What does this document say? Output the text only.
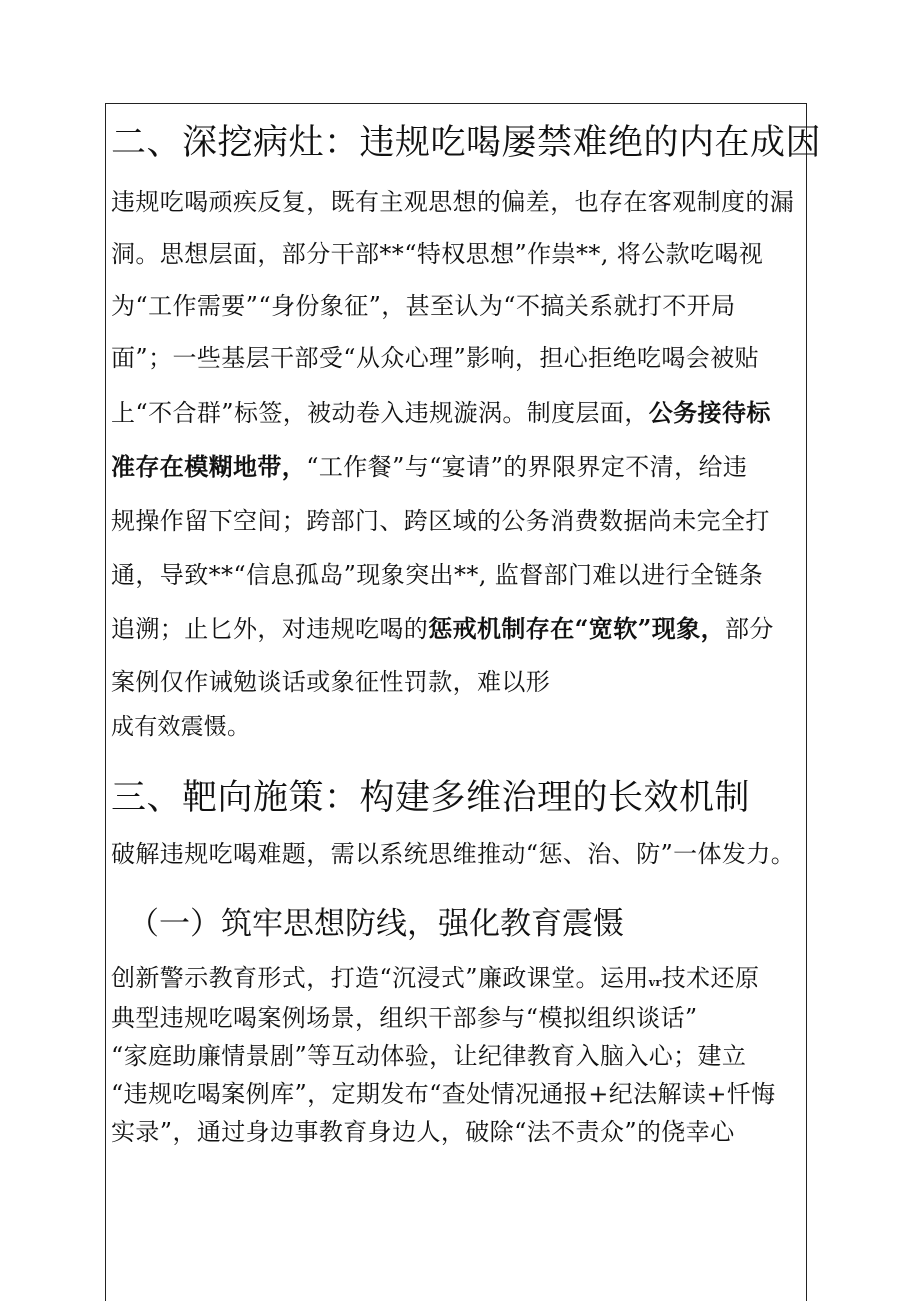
二、深挖病灶：违规吃喝屡禁难绝的内在成因

违规吃喝顽疾反复，既有主观思想的偏差，也存在客观制度的漏

洞。思想层面，部分干部**“特权思想”作祟**, 将公款吃喝视

为“工作需要”“身份象征”，甚至认为“不搞关系就打不开局

面”；一些基层干部受“从众心理”影响，担心拒绝吃喝会被贴

上“不合群”标签，被动卷入违规漩涡。制度层面，公务接待标

准存在模糊地带，“工作餐”与“宴请”的界限界定不清，给违

规操作留下空间；跨部门、跨区域的公务消费数据尚未完全打

通，导致**“信息孤岛”现象突出**, 监督部门难以进行全链条

追溯；止匕外，对违规吃喝的惩戒机制存在“宽软”现象，部分

案例仅作诫勉谈话或象征性罚款，难以形

成有效震慑。

三、靶向施策：构建多维治理的长效机制

破解违规吃喝难题，需以系统思维推动“惩、治、防”一体发力。

（一）筑牢思想防线，强化教育震慑

创新警示教育形式，打造“沉浸式”廉政课堂。运用vr技术还原

典型违规吃喝案例场景，组织干部参与“模拟组织谈话”

“家庭助廉情景剧”等互动体验，让纪律教育入脑入心；建立

“违规吃喝案例库”，定期发布“查处情况通报+纪法解读+忏悔

实录”，通过身边事教育身边人，破除“法不责众”的侥幸心
